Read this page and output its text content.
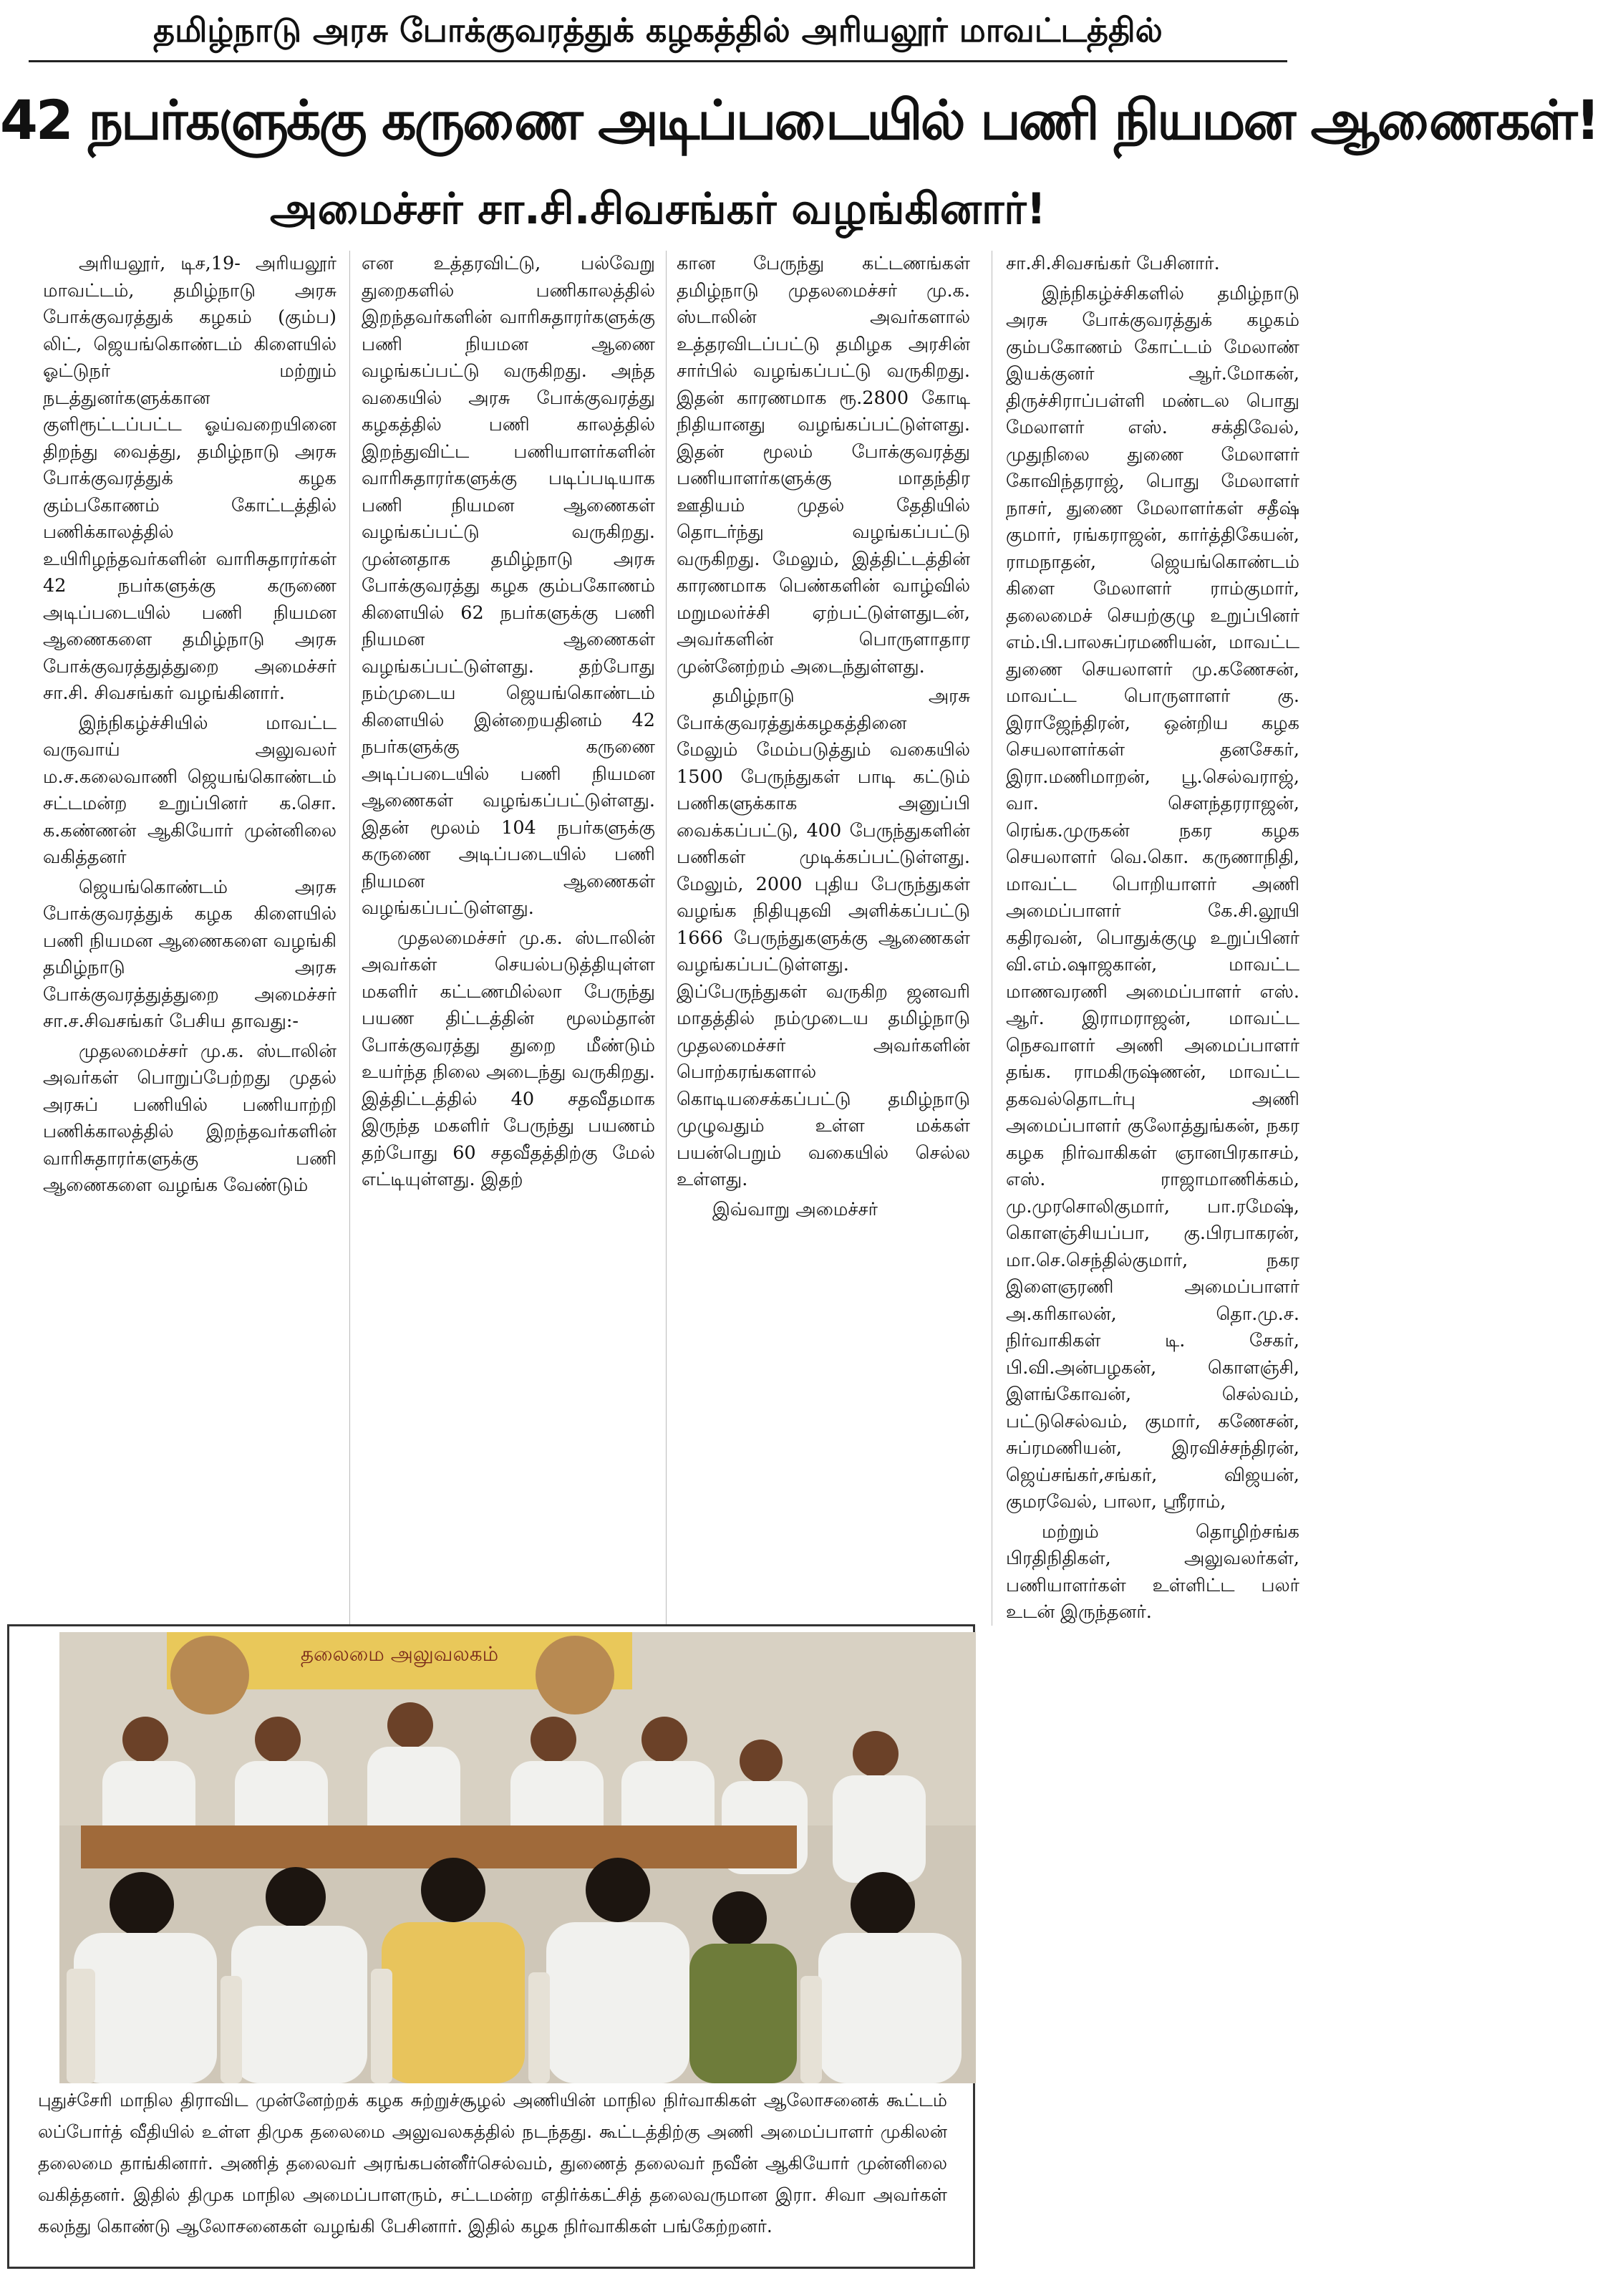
தமிழ்நாடு அரசு போக்குவரத்துக் கழகத்தில் அரியலூர் மாவட்டத்தில்
42 நபர்களுக்கு கருணை அடிப்படையில் பணி நியமன ஆணைகள்!
அமைச்சர் சா.சி.சிவசங்கர் வழங்கினார்!

அரியலூர், டிச,19- அரியலூர் மாவட்டம், தமிழ்நாடு அரசு போக்குவரத்துக் கழகம் (கும்ப) லிட், ஜெயங்கொண்டம் கிளையில் ஓட்டுநர் மற்றும் நடத்துனர்களுக்கான குளிரூட்டப்பட்ட ஓய்வறையினை திறந்து வைத்து, தமிழ்நாடு அரசு போக்குவரத்துக் கழக கும்பகோணம் கோட்டத்தில் பணிக்காலத்தில் உயிரிழந்தவர்களின் வாரிசுதாரர்கள் 42 நபர்களுக்கு கருணை அடிப்படையில் பணி நியமன ஆணைகளை தமிழ்நாடு அரசு போக்குவரத்துத்துறை அமைச்சர் சா.சி. சிவசங்கர் வழங்கினார்.

இந்நிகழ்ச்சியில் மாவட்ட வருவாய் அலுவலர் ம.ச.கலைவாணி ஜெயங்கொண்டம் சட்டமன்ற உறுப்பினர் க.சொ. க.கண்ணன் ஆகியோர் முன்னிலை வகித்தனர்

ஜெயங்கொண்டம் அரசு போக்குவரத்துக் கழக கிளையில் பணி நியமன ஆணைகளை வழங்கி தமிழ்நாடு அரசு போக்குவரத்துத்துறை அமைச்சர் சா.ச.சிவசங்கர் பேசிய தாவது:-

முதலமைச்சர் மு.க. ஸ்டாலின் அவர்கள் பொறுப்பேற்றது முதல் அரசுப் பணியில் பணியாற்றி பணிக்காலத்தில் இறந்தவர்களின் வாரிசுதாரர்களுக்கு பணி ஆணைகளை வழங்க வேண்டும்

என உத்தரவிட்டு, பல்வேறு துறைகளில் பணிகாலத்தில் இறந்தவர்களின் வாரிசுதாரர்களுக்கு பணி நியமன ஆணை வழங்கப்பட்டு வருகிறது. அந்த வகையில் அரசு போக்குவரத்து கழகத்தில் பணி காலத்தில் இறந்துவிட்ட பணியாளர்களின் வாரிசுதாரர்களுக்கு படிப்படியாக பணி நியமன ஆணைகள் வழங்கப்பட்டு வருகிறது. முன்னதாக தமிழ்நாடு அரசு போக்குவரத்து கழக கும்பகோணம் கிளையில் 62 நபர்களுக்கு பணி நியமன ஆணைகள் வழங்கப்பட்டுள்ளது. தற்போது நம்முடைய ஜெயங்கொண்டம் கிளையில் இன்றையதினம் 42 நபர்களுக்கு கருணை அடிப்படையில் பணி நியமன ஆணைகள் வழங்கப்பட்டுள்ளது. இதன் மூலம் 104 நபர்களுக்கு கருணை அடிப்படையில் பணி நியமன ஆணைகள் வழங்கப்பட்டுள்ளது.

முதலமைச்சர் மு.க. ஸ்டாலின் அவர்கள் செயல்படுத்தியுள்ள மகளிர் கட்டணமில்லா பேருந்து பயண திட்டத்தின் மூலம்தான் போக்குவரத்து துறை மீண்டும் உயர்ந்த நிலை அடைந்து வருகிறது. இத்திட்டத்தில் 40 சதவீதமாக இருந்த மகளிர் பேருந்து பயணம் தற்போது 60 சதவீதத்திற்கு மேல் எட்டியுள்ளது. இதற்

கான பேருந்து கட்டணங்கள் தமிழ்நாடு முதலமைச்சர் மு.க. ஸ்டாலின் அவர்களால் உத்தரவிடப்பட்டு தமிழக அரசின் சார்பில் வழங்கப்பட்டு வருகிறது. இதன் காரணமாக ரூ.2800 கோடி நிதியானது வழங்கப்பட்டுள்ளது. இதன் மூலம் போக்குவரத்து பணியாளர்களுக்கு மாதந்திர ஊதியம் முதல் தேதியில் தொடர்ந்து வழங்கப்பட்டு வருகிறது. மேலும், இத்திட்டத்தின் காரணமாக பெண்களின் வாழ்வில் மறுமலர்ச்சி ஏற்பட்டுள்ளதுடன், அவர்களின் பொருளாதார முன்னேற்றம் அடைந்துள்ளது.

தமிழ்நாடு அரசு போக்குவரத்துக்கழகத்தினை மேலும் மேம்படுத்தும் வகையில் 1500 பேருந்துகள் பாடி கட்டும் பணிகளுக்காக அனுப்பி வைக்கப்பட்டு, 400 பேருந்துகளின் பணிகள் முடிக்கப்பட்டுள்ளது. மேலும், 2000 புதிய பேருந்துகள் வழங்க நிதியுதவி அளிக்கப்பட்டு 1666 பேருந்துகளுக்கு ஆணைகள் வழங்கப்பட்டுள்ளது. இப்பேருந்துகள் வருகிற ஜனவரி மாதத்தில் நம்முடைய தமிழ்நாடு முதலமைச்சர் அவர்களின் பொற்கரங்களால் கொடியசைக்கப்பட்டு தமிழ்நாடு முழுவதும் உள்ள மக்கள் பயன்பெறும் வகையில் செல்ல உள்ளது.

இவ்வாறு அமைச்சர்

சா.சி.சிவசங்கர் பேசினார்.

இந்நிகழ்ச்சிகளில் தமிழ்நாடு அரசு போக்குவரத்துக் கழகம் கும்பகோணம் கோட்டம் மேலாண் இயக்குனர் ஆர்.மோகன், திருச்சிராப்பள்ளி மண்டல பொது மேலாளர் எஸ். சக்திவேல், முதுநிலை துணை மேலாளர் கோவிந்தராஜ், பொது மேலாளர் நாசர், துணை மேலாளர்கள் சதீஷ் குமார், ரங்கராஜன், கார்த்திகேயன், ராமநாதன், ஜெயங்கொண்டம் கிளை மேலாளர் ராம்குமார், தலைமைச் செயற்குழு உறுப்பினர் எம்.பி.பாலசுப்ரமணியன், மாவட்ட துணை செயலாளர் மு.கணேசன், மாவட்ட பொருளாளர் கு. இராஜேந்திரன், ஒன்றிய கழக செயலாளர்கள் தனசேகர், இரா.மணிமாறன், பூ.செல்வராஜ், வா. சௌந்தரராஜன், ரெங்க.முருகன் நகர கழக செயலாளர் வெ.கொ. கருணாநிதி, மாவட்ட பொறியாளர் அணி அமைப்பாளர் கே.சி.லூயி கதிரவன், பொதுக்குழு உறுப்பினர் வி.எம்.ஷாஜகான், மாவட்ட மாணவரணி அமைப்பாளர் எஸ். ஆர். இராமராஜன், மாவட்ட நெசவாளர் அணி அமைப்பாளர் தங்க. ராமகிருஷ்ணன், மாவட்ட தகவல்தொடர்பு அணி அமைப்பாளர் குலோத்துங்கன், நகர கழக நிர்வாகிகள் ஞானபிரகாசம், எஸ். ராஜாமாணிக்கம், மு.முரசொலிகுமார், பா.ரமேஷ், கொளஞ்சியப்பா, கு.பிரபாகரன், மா.செ.செந்தில்குமார், நகர இளைஞரணி அமைப்பாளர் அ.கரிகாலன், தொ.மு.ச. நிர்வாகிகள் டி. சேகர், பி.வி.அன்பழகன், கொளஞ்சி, இளங்கோவன், செல்வம், பட்டுசெல்வம், குமார், கணேசன், சுப்ரமணியன், இரவிச்சந்திரன், ஜெய்சங்கர்,சங்கர், விஜயன், குமரவேல், பாலா, ஸ்ரீராம்,

மற்றும் தொழிற்சங்க பிரதிநிதிகள், அலுவலர்கள், பணியாளர்கள் உள்ளிட்ட பலர் உடன் இருந்தனர்.

தலைமை அலுவலகம்
புதுச்சேரி மாநில திராவிட முன்னேற்றக் கழக சுற்றுச்சூழல் அணியின் மாநில நிர்வாகிகள் ஆலோசனைக் கூட்டம் லப்போர்த் வீதியில் உள்ள திமுக தலைமை அலுவலகத்தில் நடந்தது. கூட்டத்திற்கு அணி அமைப்பாளர் முகிலன் தலைமை தாங்கினார். அணித் தலைவர் அரங்கபன்னீர்செல்வம், துணைத் தலைவர் நவீன் ஆகியோர் முன்னிலை வகித்தனர். இதில் திமுக மாநில அமைப்பாளரும், சட்டமன்ற எதிர்க்கட்சித் தலைவருமான இரா. சிவா அவர்கள் கலந்து கொண்டு ஆலோசனைகள் வழங்கி பேசினார். இதில் கழக நிர்வாகிகள் பங்கேற்றனர்.
